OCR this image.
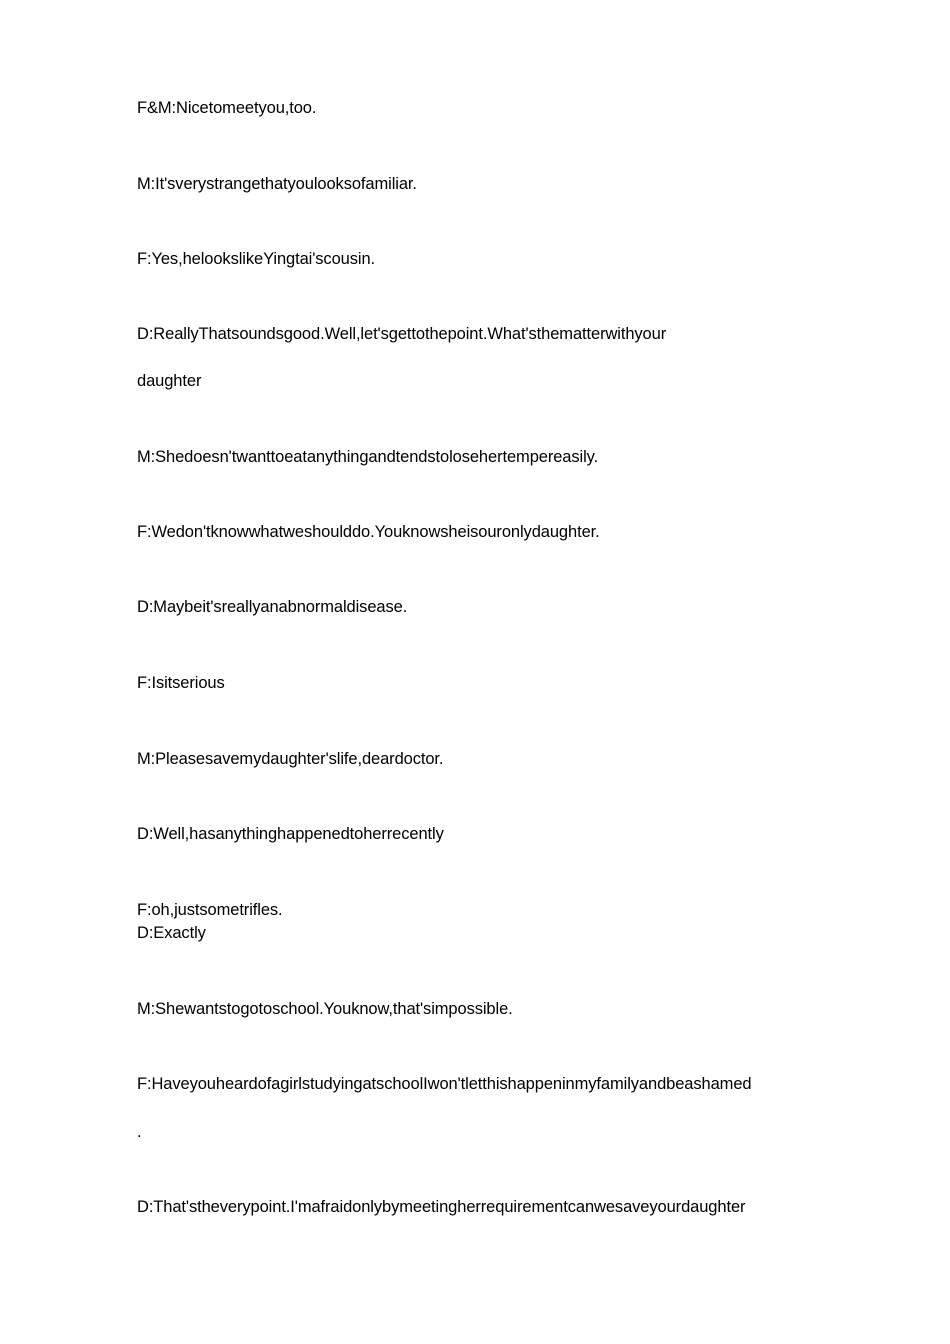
F&M:Nicetomeetyou,too.

M:It'sverystrangethatyoulooksofamiliar.

F:Yes,helookslikeYingtai'scousin.

D:ReallyThatsoundsgood.Well,let'sgettothepoint.What'sthematterwithyour

daughter

M:Shedoesn'twanttoeatanythingandtendstolosehertempereasily.

F:Wedon'tknowwhatweshoulddo.Youknowsheisouronlydaughter.

D:Maybeit'sreallyanabnormaldisease.

F:Isitserious

M:Pleasesavemydaughter'slife,deardoctor.

D:Well,hasanythinghappenedtoherrecently

F:oh,justsometrifles.

D:Exactly

M:Shewantstogotoschool.Youknow,that'simpossible.

F:HaveyouheardofagirlstudyingatschoolIwon'tletthishappeninmyfamilyandbeashamed

.

D:That'stheverypoint.I'mafraidonlybymeetingherrequirementcanwesaveyourdaughter
